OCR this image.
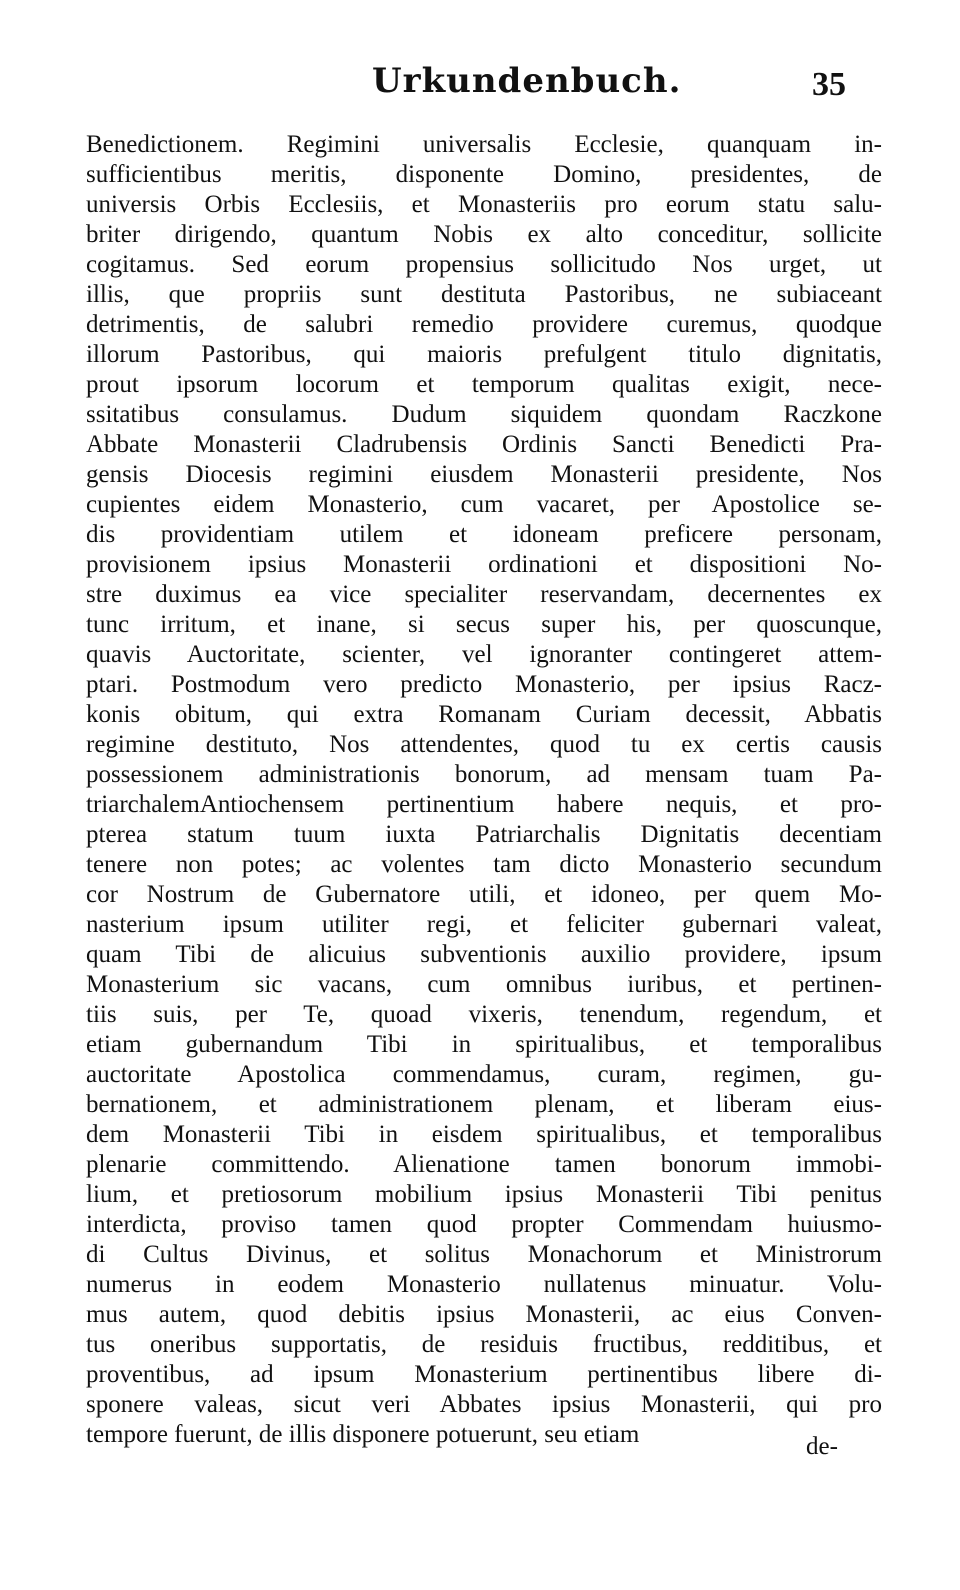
Urkundenbuch.	35
Benedictionem. Regimini universalis Ecclesie, quanquam in-
sufficientibus meritis, disponente Domino, presidentes, de
universis Orbis Ecclesiis, et Monasteriis pro eorum statu salu-
briter dirigendo, quantum Nobis ex alto conceditur, sollicite
cogitamus. Sed eorum propensius sollicitudo Nos urget, ut
illis, que propriis sunt destituta Pastoribus, ne subiaceant
detrimentis, de salubri remedio providere curemus, quodque
illorum Pastoribus, qui maioris prefulgent titulo dignitatis,
prout ipsorum locorum et temporum qualitas exigit, nece-
ssitatibus consulamus. Dudum siquidem quondam Raczkone
Abbate Monasterii Cladrubensis Ordinis Sancti Benedicti Pra-
gensis Diocesis regimini eiusdem Monasterii presidente, Nos
cupientes eidem Monasterio, cum vacaret, per Apostolice se-
dis providentiam utilem et idoneam preficere personam,
provisionem ipsius Monasterii ordinationi et dispositioni No-
stre duximus ea vice specialiter reservandam, decernentes ex
tunc irritum, et inane, si secus super his, per quoscunque,
quavis Auctoritate, scienter, vel ignoranter contingeret attem-
ptari. Postmodum vero predicto Monasterio, per ipsius Racz-
konis obitum, qui extra Romanam Curiam decessit, Abbatis
regimine destituto, Nos attendentes, quod tu ex certis causis
possessionem administrationis bonorum, ad mensam tuam Pa-
triarchalemAntiochensem pertinentium habere nequis, et pro-
pterea statum tuum iuxta Patriarchalis Dignitatis decentiam
tenere non potes; ac volentes tam dicto Monasterio secundum
cor Nostrum de Gubernatore utili, et idoneo, per quem Mo-
nasterium ipsum utiliter regi, et feliciter gubernari valeat,
quam Tibi de alicuius subventionis auxilio providere, ipsum
Monasterium sic vacans, cum omnibus iuribus, et pertinen-
tiis suis, per Te, quoad vixeris, tenendum, regendum, et
etiam gubernandum Tibi in spiritualibus, et temporalibus
auctoritate Apostolica commendamus, curam, regimen, gu-
bernationem, et administrationem plenam, et liberam eius-
dem Monasterii Tibi in eisdem spiritualibus, et temporalibus
plenarie committendo. Alienatione tamen bonorum immobi-
lium, et pretiosorum mobilium ipsius Monasterii Tibi penitus
interdicta, proviso tamen quod propter Commendam huiusmo-
di Cultus Divinus, et solitus Monachorum et Ministrorum
numerus in eodem Monasterio nullatenus minuatur. Volu-
mus autem, quod debitis ipsius Monasterii, ac eius Conven-
tus oneribus supportatis, de residuis fructibus, redditibus, et
proventibus, ad ipsum Monasterium pertinentibus libere di-
sponere valeas, sicut veri Abbates ipsius Monasterii, qui pro
tempore fuerunt, de illis disponere potuerunt, seu etiam	de-
